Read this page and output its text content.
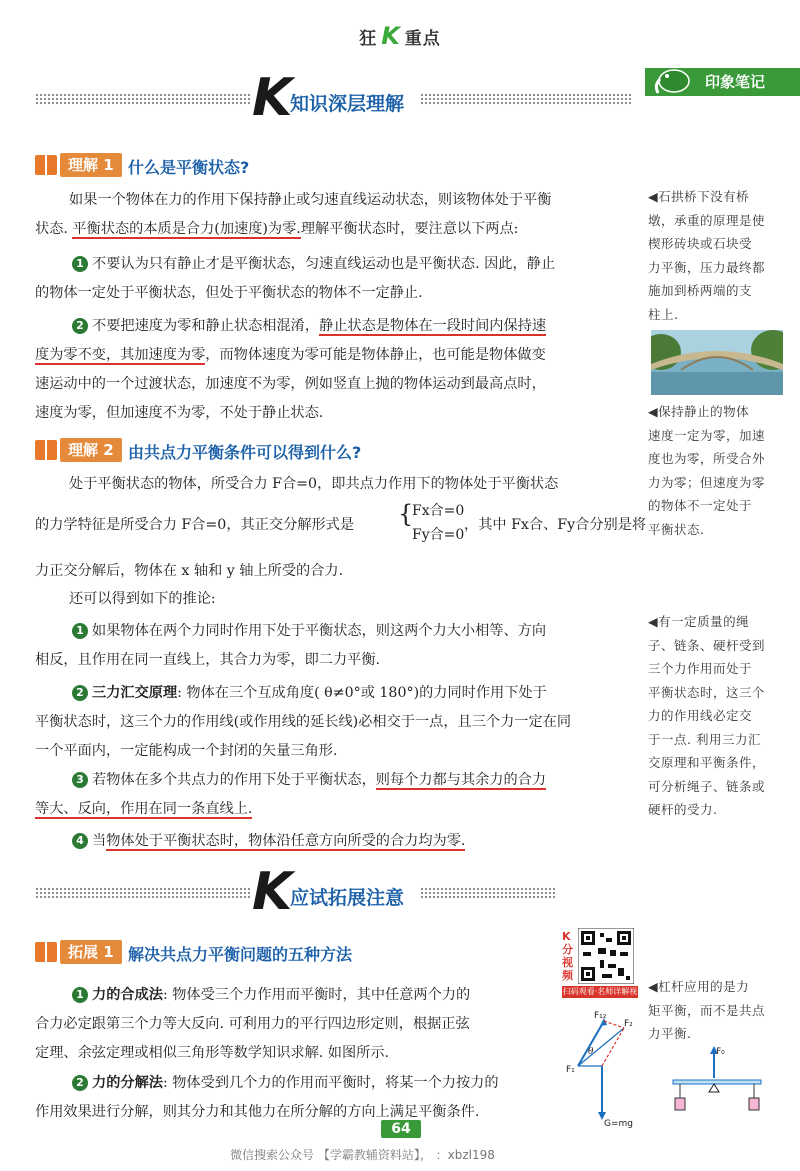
狂 K 重点
印象笔记
K
知识深层理解
理解 1 什么是平衡状态?
如果一个物体在力的作用下保持静止或匀速直线运动状态，则该物体处于平衡
状态. 平衡状态的本质是合力(加速度)为零.理解平衡状态时，要注意以下两点:
1 不要认为只有静止才是平衡状态，匀速直线运动也是平衡状态. 因此，静止
的物体一定处于平衡状态，但处于平衡状态的物体不一定静止.
2 不要把速度为零和静止状态相混淆，静止状态是物体在一段时间内保持速
度为零不变，其加速度为零，而物体速度为零可能是物体静止，也可能是物体做变
速运动中的一个过渡状态，加速度不为零，例如竖直上抛的物体运动到最高点时，
速度为零，但加速度不为零，不处于静止状态.
理解 2 由共点力平衡条件可以得到什么?
处于平衡状态的物体，所受合力 F合=0，即共点力作用下的物体处于平衡状态
的力学特征是所受合力 F合=0，其正交分解形式是 {
Fx合=0
Fy合=0
，其中 Fx合、Fy合分别是将
力正交分解后，物体在 x 轴和 y 轴上所受的合力.
还可以得到如下的推论:
1 如果物体在两个力同时作用下处于平衡状态，则这两个力大小相等、方向
相反，且作用在同一直线上，其合力为零，即二力平衡.
2 三力汇交原理: 物体在三个互成角度( θ≠0°或 180°)的力同时作用下处于
平衡状态时，这三个力的作用线(或作用线的延长线)必相交于一点，且三个力一定在同
一个平面内，一定能构成一个封闭的矢量三角形.
3 若物体在多个共点力的作用下处于平衡状态，则每个力都与其余力的合力
等大、反向，作用在同一条直线上.
4 当物体处于平衡状态时，物体沿任意方向所受的合力均为零.
K
应试拓展注意
拓展 1 解决共点力平衡问题的五种方法
K分视频
扫码观看·名师详解视频
1 力的合成法: 物体受三个力作用而平衡时，其中任意两个力的
合力必定跟第三个力等大反向. 可利用力的平行四边形定则，根据正弦
定理、余弦定理或相似三角形等数学知识求解. 如图所示.
2 力的分解法: 物体受到几个力的作用而平衡时，将某一个力按力的
作用效果进行分解，则其分力和其他力在所分解的方向上满足平衡条件.
F₁₂
F₂
F₁
θ
G=mg
F₀
◀石拱桥下没有桥
墩，承重的原理是使
楔形砖块或石块受
力平衡，压力最终都
施加到桥两端的支
柱上.
◀保持静止的物体
速度一定为零，加速
度也为零，所受合外
力为零；但速度为零
的物体不一定处于
平衡状态.
◀有一定质量的绳
子、链条、硬杆受到
三个力作用而处于
平衡状态时，这三个
力的作用线必定交
于一点. 利用三力汇
交原理和平衡条件，
可分析绳子、链条或
硬杆的受力.
◀杠杆应用的是力
矩平衡，而不是共点
力平衡.
64
微信搜索公众号 【学霸教辅资料站】， ：xbzl198
